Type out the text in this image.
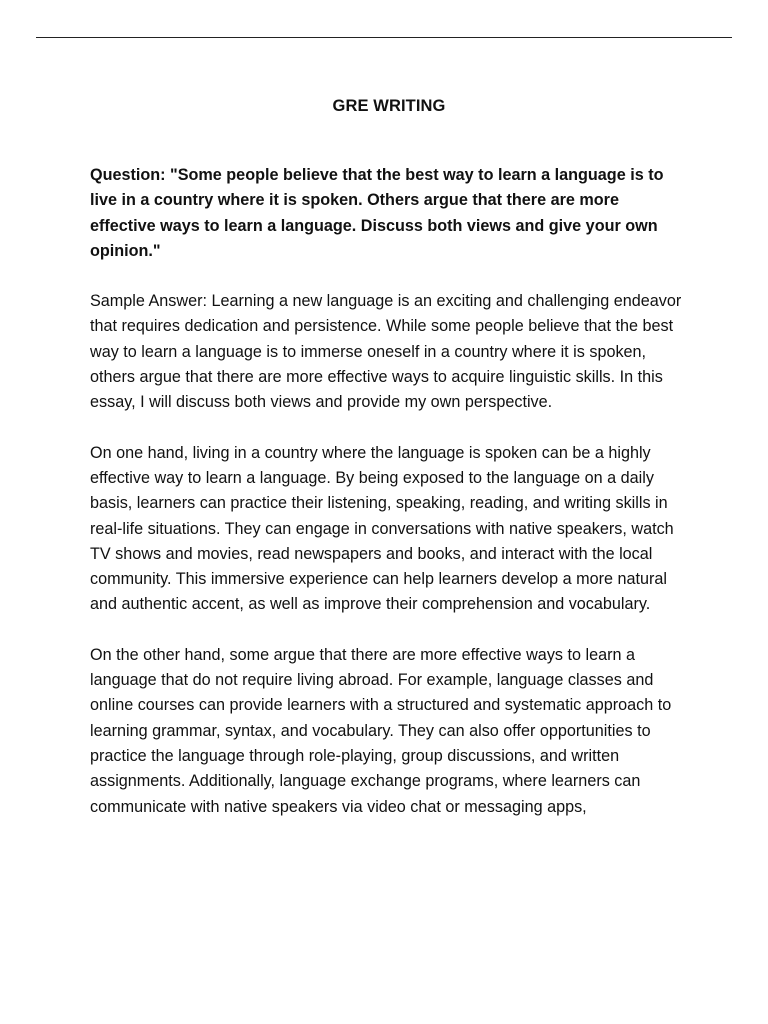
GRE WRITING

Question: "Some people believe that the best way to learn a language is to live in a country where it is spoken. Others argue that there are more effective ways to learn a language. Discuss both views and give your own opinion."

Sample Answer: Learning a new language is an exciting and challenging endeavor that requires dedication and persistence. While some people believe that the best way to learn a language is to immerse oneself in a country where it is spoken, others argue that there are more effective ways to acquire linguistic skills. In this essay, I will discuss both views and provide my own perspective.

On one hand, living in a country where the language is spoken can be a highly effective way to learn a language. By being exposed to the language on a daily basis, learners can practice their listening, speaking, reading, and writing skills in real-life situations. They can engage in conversations with native speakers, watch TV shows and movies, read newspapers and books, and interact with the local community. This immersive experience can help learners develop a more natural and authentic accent, as well as improve their comprehension and vocabulary.

On the other hand, some argue that there are more effective ways to learn a language that do not require living abroad. For example, language classes and online courses can provide learners with a structured and systematic approach to learning grammar, syntax, and vocabulary. They can also offer opportunities to practice the language through role-playing, group discussions, and written assignments. Additionally, language exchange programs, where learners can communicate with native speakers via video chat or messaging apps,
